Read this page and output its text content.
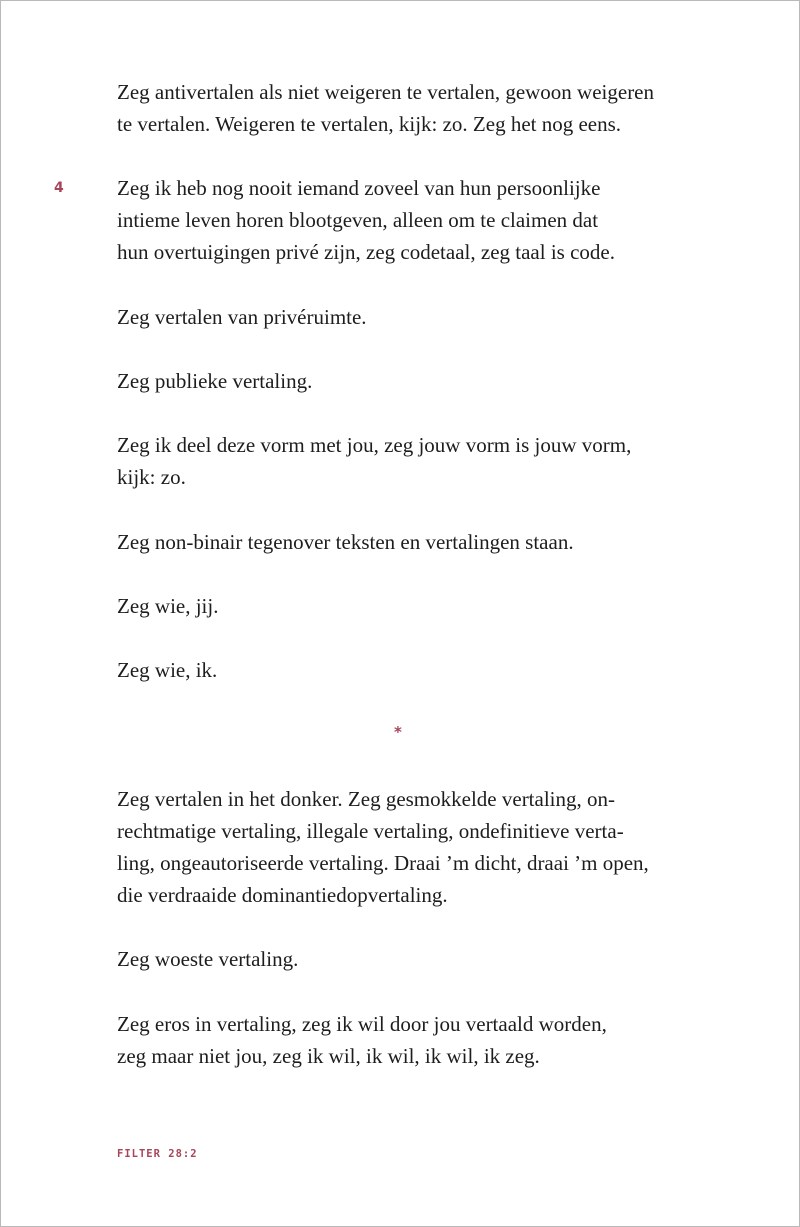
Zeg antivertalen als niet weigeren te vertalen, gewoon weigeren
te vertalen. Weigeren te vertalen, kijk: zo. Zeg het nog eens.
4	Zeg ik heb nog nooit iemand zoveel van hun persoonlijke
intieme leven horen blootgeven, alleen om te claimen dat
hun overtuigingen privé zijn, zeg codetaal, zeg taal is code.
Zeg vertalen van privéruimte.
Zeg publieke vertaling.
Zeg ik deel deze vorm met jou, zeg jouw vorm is jouw vorm,
kijk: zo.
Zeg non-binair tegenover teksten en vertalingen staan.
Zeg wie, jij.
Zeg wie, ik.
*
Zeg vertalen in het donker. Zeg gesmokkelde vertaling, on-
rechtmatige vertaling, illegale vertaling, ondefinitieve verta-
ling, ongeautoriseerde vertaling. Draai ’m dicht, draai ’m open,
die verdraaide dominantiedopvertaling.
Zeg woeste vertaling.
Zeg eros in vertaling, zeg ik wil door jou vertaald worden,
zeg maar niet jou, zeg ik wil, ik wil, ik wil, ik zeg.
FILTER 28:2
